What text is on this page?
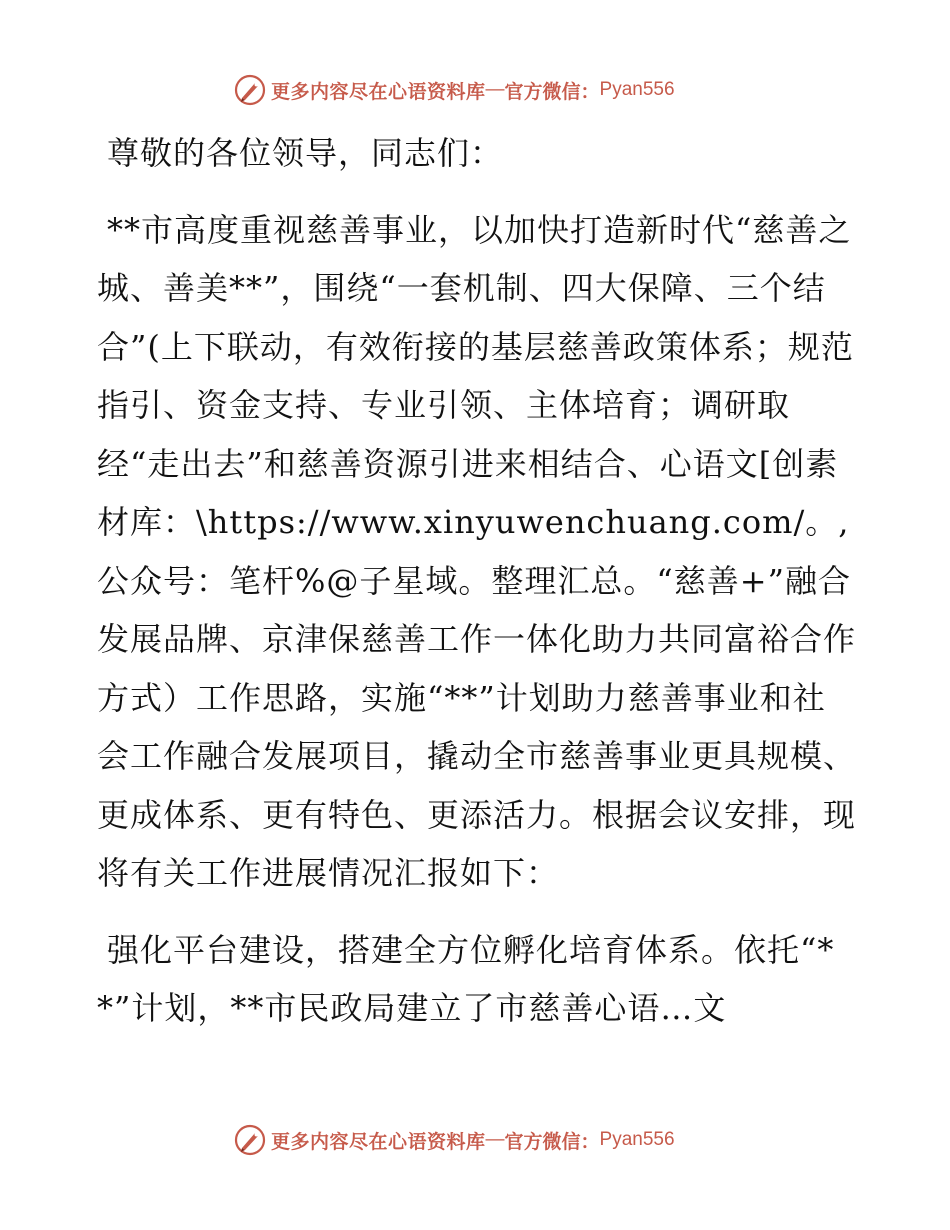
更多内容尽在心语资料库 — 官方微信： Pyan556

尊敬的各位领导，同志们：

**市高度重视慈善事业，以加快打造新时代“慈善之城、善美**”，围绕“一套机制、四大保障、三个结合”(上下联动，有效衔接的基层慈善政策体系；规范指引、资金支持、专业引领、主体培育；调研取经“走出去”和慈善资源引进来相结合、心语文[创素材库：\https://www.xinyuwenchuang.com/。,公众号：笔杆%@子星域。整理汇总。“慈善+”融合发展品牌、京津保慈善工作一体化助力共同富裕合作方式）工作思路，实施“**”计划助力慈善事业和社会工作融合发展项目，撬动全市慈善事业更具规模、更成体系、更有特色、更添活力。根据会议安排，现将有关工作进展情况汇报如下：

强化平台建设，搭建全方位孵化培育体系。依托“**”计划，**市民政局建立了市慈善心语…文

更多内容尽在心语资料库 — 官方微信： Pyan556
